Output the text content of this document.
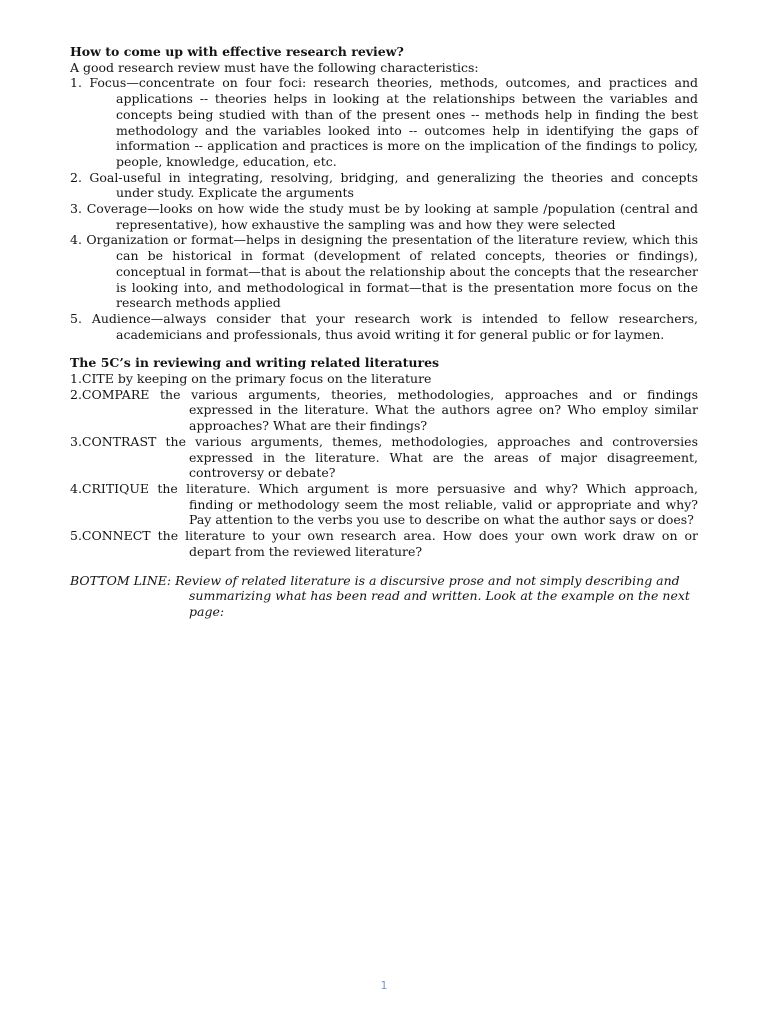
How to come up with effective research review?

A good research review must have the following characteristics:

1. Focus—concentrate on four foci: research theories, methods, outcomes, and practices and applications -- theories helps in looking at the relationships between the variables and concepts being studied with than of the present ones -- methods help in finding the best methodology and the variables looked into -- outcomes help in identifying the gaps of information -- application and practices is more on the implication of the findings to policy, people, knowledge, education, etc.

2. Goal-useful in integrating, resolving, bridging, and generalizing the theories and concepts under study. Explicate the arguments

3. Coverage—looks on how wide the study must be by looking at sample /population (central and representative), how exhaustive the sampling was and how they were selected

4. Organization or format—helps in designing the presentation of the literature review, which this can be historical in format (development of related concepts, theories or findings), conceptual in format—that is about the relationship about the concepts that the researcher is looking into, and methodological in format—that is the presentation more focus on the research methods applied

5. Audience—always consider that your research work is intended to fellow researchers, academicians and professionals, thus avoid writing it for general public or for laymen.

The 5C’s in reviewing and writing related literatures

1.CITE by keeping on the primary focus on the literature

2.COMPARE the various arguments, theories, methodologies, approaches and or findings expressed in the literature. What the authors agree on? Who employ similar approaches? What are their findings?

3.CONTRAST the various arguments, themes, methodologies, approaches and controversies expressed in the literature. What are the areas of major disagreement, controversy or debate?

4.CRITIQUE the literature. Which argument is more persuasive and why? Which approach, finding or methodology seem the most reliable, valid or appropriate and why? Pay attention to the verbs you use to describe on what the author says or does?

5.CONNECT the literature to your own research area. How does your own work draw on or depart from the reviewed literature?

BOTTOM LINE: Review of related literature is a discursive prose and not simply describing and summarizing what has been read and written. Look at the example on the next page:

1
